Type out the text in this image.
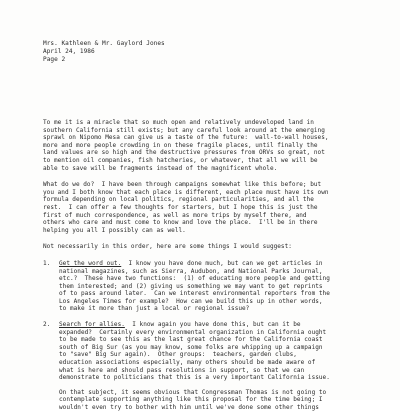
Mrs. Kathleen & Mr. Gaylord Jones
April 24, 1986
Page 2
To me it is a miracle that so much open and relatively undeveloped land in
southern California still exists; but any careful look around at the emerging
sprawl on Nipomo Mesa can give us a taste of the future:  wall-to-wall houses,
more and more people crowding in on these fragile places, until finally the
land values are so high and the destructive pressures from ORVs so great, not
to mention oil companies, fish hatcheries, or whatever, that all we will be
able to save will be fragments instead of the magnificent whole.
What do we do?  I have been through campaigns somewhat like this before; but
you and I both know that each place is different, each place must have its own
formula depending on local politics, regional particularities, and all the
rest.  I can offer a few thoughts for starters, but I hope this is just the
first of much correspondence, as well as more trips by myself there, and
others who care and must come to know and love the place.  I'll be in there
helping you all I possibly can as well.
Not necessarily in this order, here are some things I would suggest:
1. Get the word out.  I know you have done much, but can we get articles in
national magazines, such as Sierra, Audubon, and National Parks Journal,
etc.?  These have two functions:  (1) of educating more people and getting
them interested; and (2) giving us something we may want to get reprints
of to pass around later.  Can we interest environmental reporters from the
Los Angeles Times for example?  How can we build this up in other words,
to make it more than just a local or regional issue?
2. Search for allies.  I know again you have done this, but can it be
expanded?  Certainly every environmental organization in California ought
to be made to see this as the last great chance for the California coast
south of Big Sur (as you may know, some folks are whipping up a campaign
to "save" Big Sur again).  Other groups:  teachers, garden clubs,
education associations especially, many others should be made aware of
what is here and should pass resolutions in support, so that we can
demonstrate to politicians that this is a very important California issue.
On that subject, it seems obvious that Congressman Thomas is not going to
contemplate supporting anything like this proposal for the time being; I
wouldn't even try to bother with him until we've done some other things
